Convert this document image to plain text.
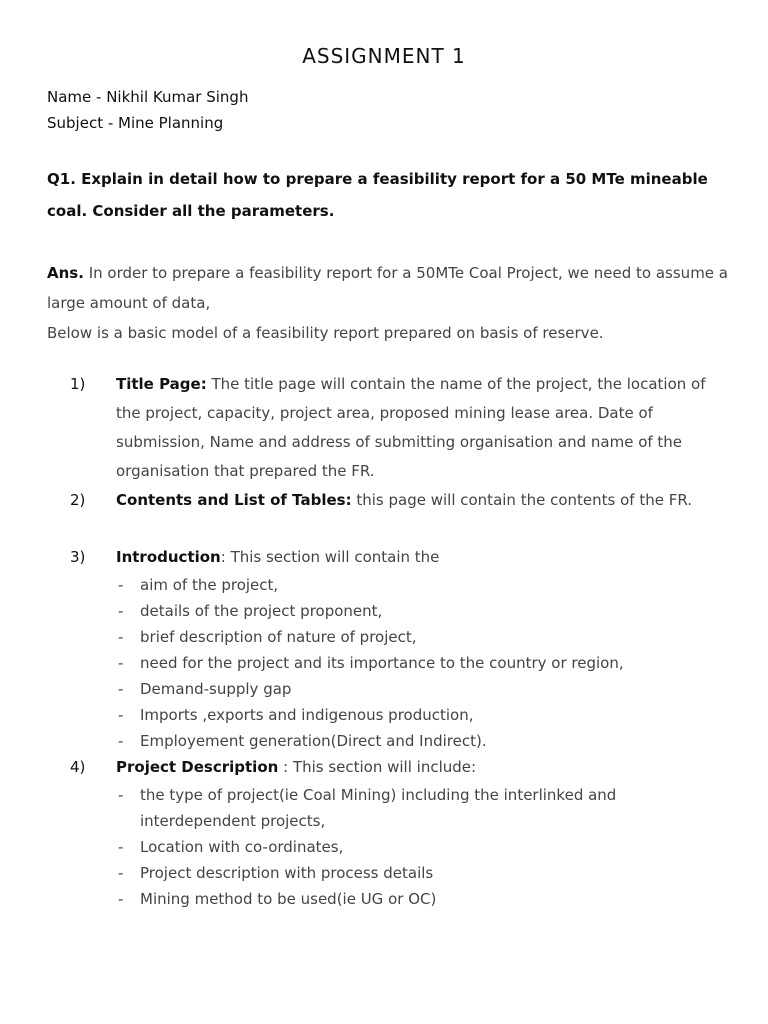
ASSIGNMENT 1
Name - Nikhil Kumar Singh
Subject - Mine Planning
Q1. Explain in detail how to prepare a feasibility report for a 50 MTe mineable coal. Consider all the parameters.
Ans. In order to prepare a feasibility report for a 50MTe Coal Project, we need to assume a large amount of data,
Below is a basic model of a feasibility report prepared on basis of reserve.
1)	Title Page: The title page will contain the name of the project, the location of the project, capacity, project area, proposed mining lease area. Date of submission, Name and address of submitting organisation and name of the organisation that prepared the FR.
2)	Contents and List of Tables: this page will contain the contents of the FR.
3)	Introduction: This section will contain the
- aim of the project,
- details of the project proponent,
- brief description of nature of project,
- need for the project and its importance to the country or region,
- Demand-supply gap
- Imports ,exports and indigenous production,
- Employement generation(Direct and Indirect).
4)	Project Description : This section will include:
- the type of project(ie Coal Mining) including the interlinked and interdependent projects,
- Location with co-ordinates,
- Project description with process details
- Mining method to be used(ie UG or OC)
